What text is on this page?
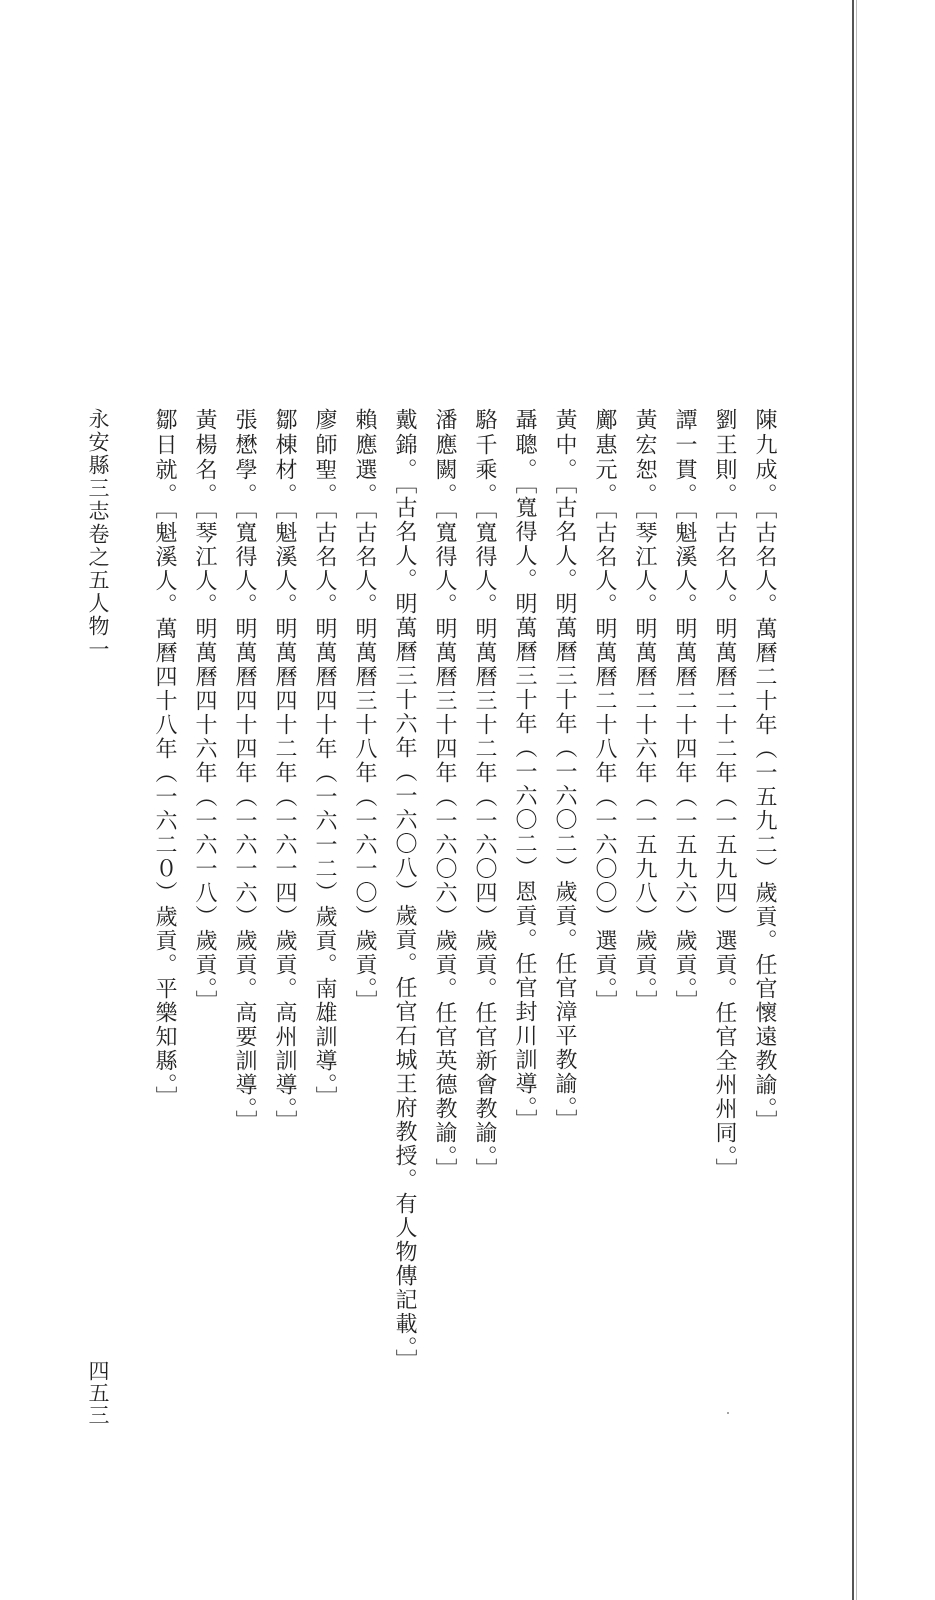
陳九成。［古名人。萬曆二十年（一五九二）歲貢。任官懷遠教諭。］
劉王則。［古名人。明萬曆二十二年（一五九四）選貢。任官全州州同。］
譚一貫。［魁溪人。明萬曆二十四年（一五九六）歲貢。］
黃宏恕。［琴江人。明萬曆二十六年（一五九八）歲貢。］
鄺惠元。［古名人。明萬曆二十八年（一六〇〇）選貢。］
黃中。［古名人。明萬曆三十年（一六〇二）歲貢。任官漳平教諭。］
聶聰。［寬得人。明萬曆三十年（一六〇二）恩貢。任官封川訓導。］
駱千乘。［寬得人。明萬曆三十二年（一六〇四）歲貢。任官新會教諭。］
潘應闕。［寬得人。明萬曆三十四年（一六〇六）歲貢。任官英德教諭。］
戴錦。［古名人。明萬曆三十六年（一六〇八）歲貢。任官石城王府教授。有人物傳記載。］
賴應選。［古名人。明萬曆三十八年（一六一〇）歲貢。］
廖師聖。［古名人。明萬曆四十年（一六一二）歲貢。南雄訓導。］
鄒棟材。［魁溪人。明萬曆四十二年（一六一四）歲貢。高州訓導。］
張懋學。［寬得人。明萬曆四十四年（一六一六）歲貢。高要訓導。］
黃楊名。［琴江人。明萬曆四十六年（一六一八）歲貢。］
鄒日就。［魁溪人。萬曆四十八年（一六二０）歲貢。平樂知縣。］
永安縣三志卷之五人物一
四五三
